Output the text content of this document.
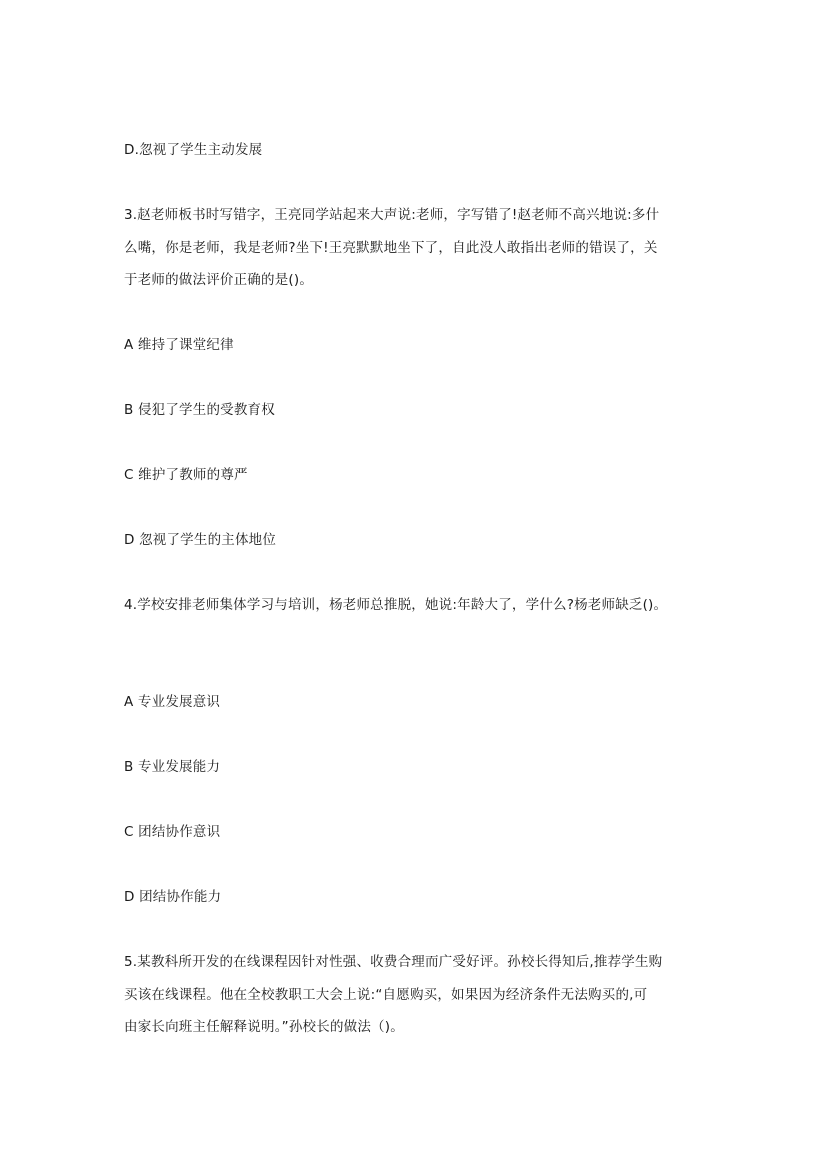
D.忽视了学生主动发展
3.赵老师板书时写错字，王亮同学站起来大声说:老师，字写错了!赵老师不高兴地说:多什
么嘴，你是老师，我是老师?坐下!王亮默默地坐下了，自此没人敢指出老师的错误了，关
于老师的做法评价正确的是()。
A 维持了课堂纪律
B 侵犯了学生的受教育权
C 维护了教师的尊严
D 忽视了学生的主体地位
4.学校安排老师集体学习与培训，杨老师总推脱，她说:年龄大了，学什么?杨老师缺乏()。
A 专业发展意识
B 专业发展能力
C 团结协作意识
D 团结协作能力
5.某教科所开发的在线课程因针对性强、收费合理而广受好评。孙校长得知后,推荐学生购
买该在线课程。他在全校教职工大会上说:“自愿购买，如果因为经济条件无法购买的,可
由家长向班主任解释说明。”孙校长的做法（)。
